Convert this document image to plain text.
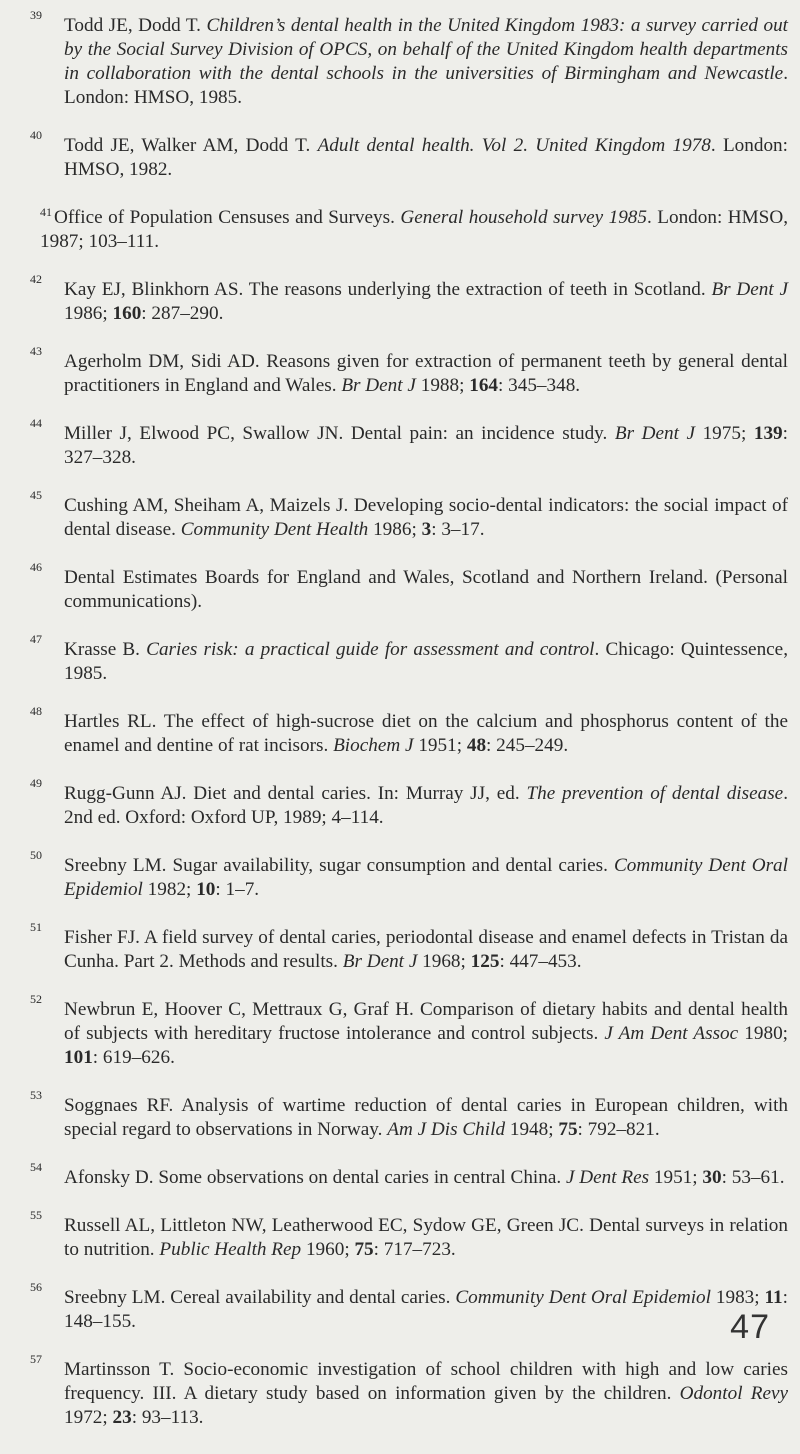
39 Todd JE, Dodd T. Children’s dental health in the United Kingdom 1983: a survey carried out by the Social Survey Division of OPCS, on behalf of the United Kingdom health departments in collaboration with the dental schools in the universities of Birmingham and Newcastle. London: HMSO, 1985.
40 Todd JE, Walker AM, Dodd T. Adult dental health. Vol 2. United Kingdom 1978. London: HMSO, 1982.
$^{41}$ Office of Population Censuses and Surveys. General household survey 1985. London: HMSO, 1987; 103–111.
42 Kay EJ, Blinkhorn AS. The reasons underlying the extraction of teeth in Scotland. Br Dent J 1986; 160: 287–290.
43 Agerholm DM, Sidi AD. Reasons given for extraction of permanent teeth by general dental practitioners in England and Wales. Br Dent J 1988; 164: 345–348.
44 Miller J, Elwood PC, Swallow JN. Dental pain: an incidence study. Br Dent J 1975; 139: 327–328.
45 Cushing AM, Sheiham A, Maizels J. Developing socio-dental indicators: the social impact of dental disease. Community Dent Health 1986; 3: 3–17.
46 Dental Estimates Boards for England and Wales, Scotland and Northern Ireland. (Personal communications).
47 Krasse B. Caries risk: a practical guide for assessment and control. Chicago: Quintessence, 1985.
48 Hartles RL. The effect of high-sucrose diet on the calcium and phosphorus content of the enamel and dentine of rat incisors. Biochem J 1951; 48: 245–249.
49 Rugg-Gunn AJ. Diet and dental caries. In: Murray JJ, ed. The prevention of dental disease. 2nd ed. Oxford: Oxford UP, 1989; 4–114.
50 Sreebny LM. Sugar availability, sugar consumption and dental caries. Community Dent Oral Epidemiol 1982; 10: 1–7.
51 Fisher FJ. A field survey of dental caries, periodontal disease and enamel defects in Tristan da Cunha. Part 2. Methods and results. Br Dent J 1968; 125: 447–453.
52 Newbrun E, Hoover C, Mettraux G, Graf H. Comparison of dietary habits and dental health of subjects with hereditary fructose intolerance and control subjects. J Am Dent Assoc 1980; 101: 619–626.
53 Soggnaes RF. Analysis of wartime reduction of dental caries in European children, with special regard to observations in Norway. Am J Dis Child 1948; 75: 792–821.
54 Afonsky D. Some observations on dental caries in central China. J Dent Res 1951; 30: 53–61.
55 Russell AL, Littleton NW, Leatherwood EC, Sydow GE, Green JC. Dental surveys in relation to nutrition. Public Health Rep 1960; 75: 717–723.
56 Sreebny LM. Cereal availability and dental caries. Community Dent Oral Epidemiol 1983; 11: 148–155.
57 Martinsson T. Socio-economic investigation of school children with high and low caries frequency. III. A dietary study based on information given by the children. Odontol Revy 1972; 23: 93–113.
47
